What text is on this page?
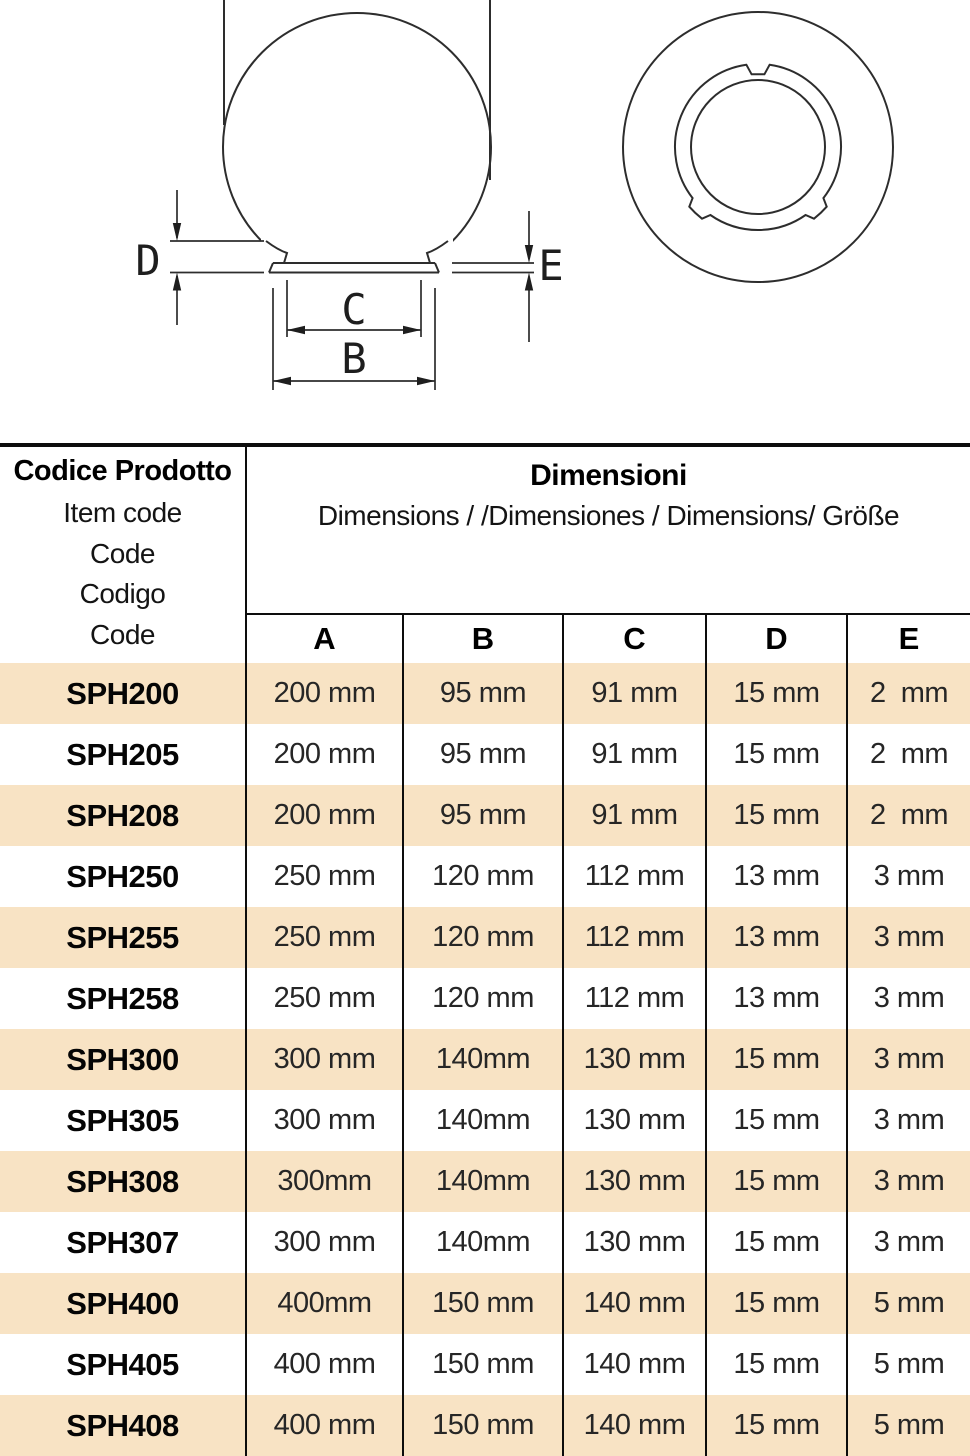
D	E
C
B
Codice Prodotto
Item code
Code
Codigo
Code
Dimensioni
Dimensions / /Dimensiones / Dimensions/ Größe
A	B	C	D	E
SPH200	200 mm	95 mm	91 mm	15 mm	2  mm
SPH205	200 mm	95 mm	91 mm	15 mm	2  mm
SPH208	200 mm	95 mm	91 mm	15 mm	2  mm
SPH250	250 mm	120 mm	112 mm	13 mm	3 mm
SPH255	250 mm	120 mm	112 mm	13 mm	3 mm
SPH258	250 mm	120 mm	112 mm	13 mm	3 mm
SPH300	300 mm	140mm	130 mm	15 mm	3 mm
SPH305	300 mm	140mm	130 mm	15 mm	3 mm
SPH308	300mm	140mm	130 mm	15 mm	3 mm
SPH307	300 mm	140mm	130 mm	15 mm	3 mm
SPH400	400mm	150 mm	140 mm	15 mm	5 mm
SPH405	400 mm	150 mm	140 mm	15 mm	5 mm
SPH408	400 mm	150 mm	140 mm	15 mm	5 mm
